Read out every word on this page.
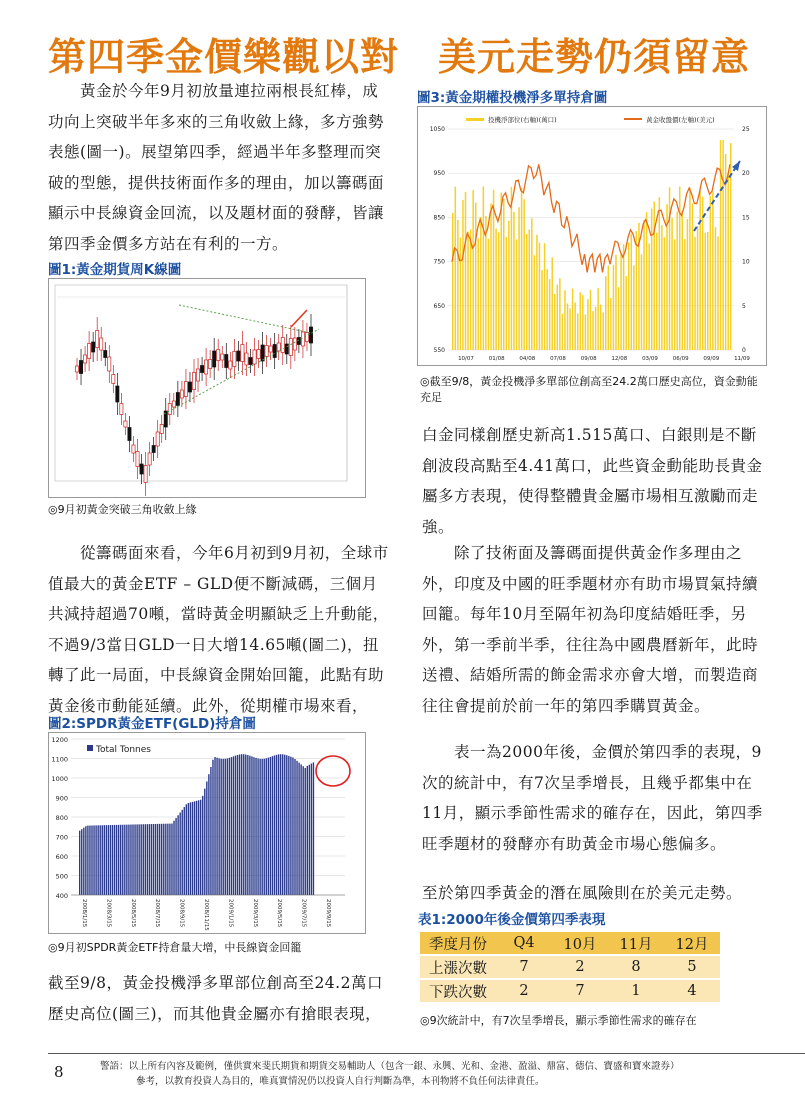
第四季金價樂觀以對　美元走勢仍須留意

　　黃金於今年9月初放量連拉兩根長紅棒，成功向上突破半年多來的三角收斂上緣，多方強勢表態(圖一)。展望第四季，經過半年多整理而突破的型態，提供技術面作多的理由，加以籌碼面顯示中長線資金回流，以及題材面的發酵，皆讓第四季金價多方站在有利的一方。

圖1:黃金期貨周K線圖
◎9月初黃金突破三角收斂上緣

　　從籌碼面來看，今年6月初到9月初，全球市值最大的黃金ETF – GLD便不斷減碼，三個月共減持超過70噸，當時黃金明顯缺乏上升動能，不過9/3當日GLD一日大增14.65噸(圖二)，扭轉了此一局面，中長線資金開始回籠，此點有助黃金後市動能延續。此外，從期權市場來看，

圖2:SPDR黃金ETF(GLD)持倉圖
Total Tonnes
1200
1100
1000
900
800
700
600
500
400
2008/1/15	2008/3/15	2008/5/15	2008/7/15	2008/9/15	2008/11/15	2009/1/15	2009/3/15	2009/5/15	2009/7/15	2009/9/15
◎9月初SPDR黃金ETF持倉量大增，中長線資金回籠

截至9/8，黃金投機淨多單部位創高至24.2萬口歷史高位(圖三)，而其他貴金屬亦有搶眼表現，

圖3:黃金期權投機淨多單持倉圖
投機淨部位(右軸)(萬口)	黃金收盤價(左軸)(美元)
1050
950
850
750
650
550
25
20
15
10
5
0
10/07	01/08	04/08	07/08	09/08	12/08	03/09	06/09	09/09	11/09
◎截至9/8，黃金投機淨多單部位創高至24.2萬口歷史高位，資金動能充足

白金同樣創歷史新高1.515萬口、白銀則是不斷創波段高點至4.41萬口，此些資金動能助長貴金屬多方表現，使得整體貴金屬市場相互激勵而走強。

　　除了技術面及籌碼面提供黃金作多理由之外，印度及中國的旺季題材亦有助市場買氣持續回籠。每年10月至隔年初為印度結婚旺季，另外，第一季前半季，往往為中國農曆新年，此時送禮、結婚所需的飾金需求亦會大增，而製造商往往會提前於前一年的第四季購買黃金。

　　表一為2000年後，金價於第四季的表現，9次的統計中，有7次呈季增長，且幾乎都集中在11月，顯示季節性需求的確存在，因此，第四季旺季題材的發酵亦有助黃金市場心態偏多。

至於第四季黃金的潛在風險則在於美元走勢。

表1:2000年後金價第四季表現
季度月份	Q4	10月	11月	12月
上漲次數	7	2	8	5
下跌次數	2	7	1	4
◎9次統計中，有7次呈季增長，顯示季節性需求的確存在
8	警語：以上所有內容及範例，僅供實來斐氏期貨和期貨交易輔助人（包含一銀、永興、光和、金港、盈溢、鼎富、德信、寶盛和寶來證券）
參考，以教育投資人為目的，唯真實情況仍以投資人自行判斷為準，本刊物將不負任何法律責任。
